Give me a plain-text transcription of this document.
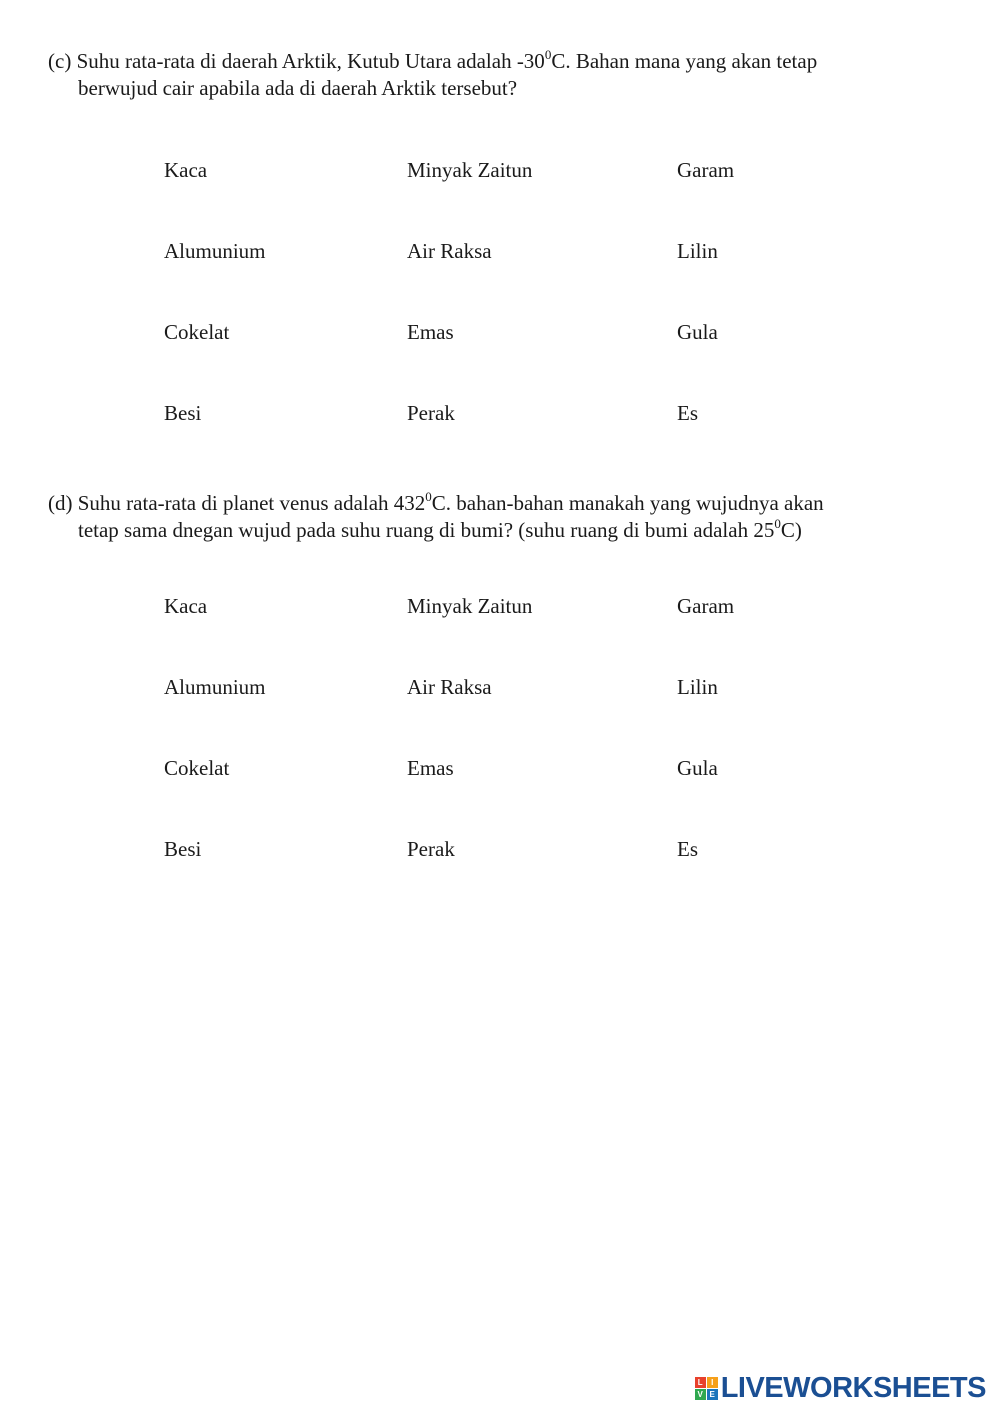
(c) Suhu rata-rata di daerah Arktik, Kutub Utara adalah $-30^0C$. Bahan mana yang akan tetap
berwujud cair apabila ada di daerah Arktik tersebut?
Kaca	Minyak Zaitun	Garam
Alumunium	Air Raksa	Lilin
Cokelat	Emas	Gula
Besi	Perak	Es
(d) Suhu rata-rata di planet venus adalah $432^0C$. bahan-bahan manakah yang wujudnya akan
tetap sama dnegan wujud pada suhu ruang di bumi? (suhu ruang di bumi adalah $25^0C$)
Kaca	Minyak Zaitun	Garam
Alumunium	Air Raksa	Lilin
Cokelat	Emas	Gula
Besi	Perak	Es
L	I
V E LIVEWORKSHEETS
